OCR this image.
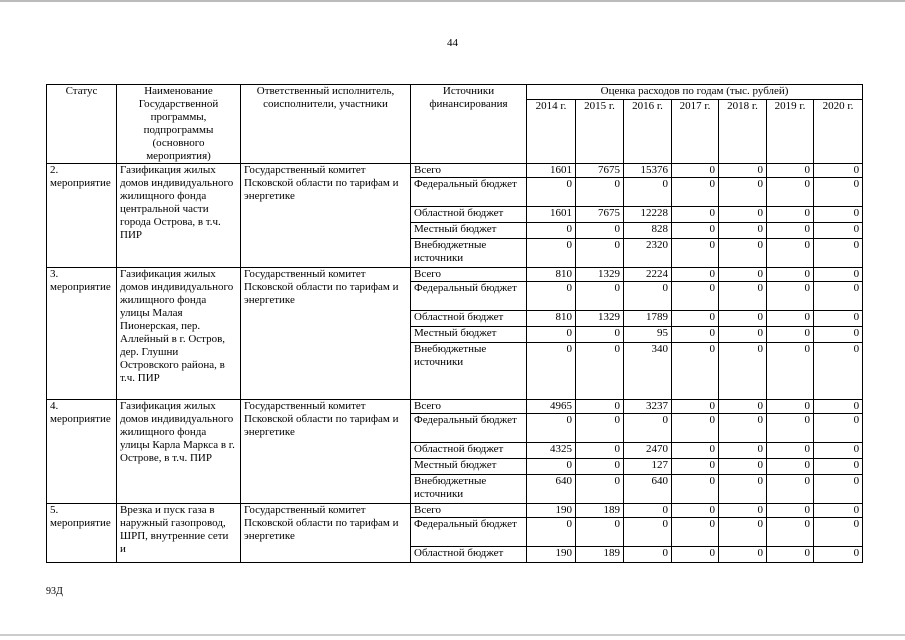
44
Статус	Наименование Государственной программы, подпрограммы (основного мероприятия)	Ответственный исполнитель, соисполнители, участники	Источники финансирования	Оценка расходов по годам (тыс. рублей)						
				2014 г.	2015 г.	2016 г.	2017 г.	2018 г.	2019 г.	2020 г.
2. мероприятие	Газификация жилых домов индивидуального жилищного фонда центральной части города Острова, в т.ч. ПИР	Государственный комитет Псковской области по тарифам и энергетике	Всего	1601	7675	15376	0	0	0	0
			Федеральный бюджет	0	0	0	0	0	0	0
			Областной бюджет	1601	7675	12228	0	0	0	0
			Местный бюджет	0	0	828	0	0	0	0
			Внебюджетные источники	0	0	2320	0	0	0	0
3. мероприятие	Газификация жилых домов индивидуального жилищного фонда улицы Малая Пионерская, пер. Аллейный в г. Остров, дер. Глушни Островского района, в т.ч. ПИР	Государственный комитет Псковской области по тарифам и энергетике	Всего	810	1329	2224	0	0	0	0
			Федеральный бюджет	0	0	0	0	0	0	0
			Областной бюджет	810	1329	1789	0	0	0	0
			Местный бюджет	0	0	95	0	0	0	0
			Внебюджетные источники	0	0	340	0	0	0	0
4. мероприятие	Газификация жилых домов индивидуального жилищного фонда улицы Карла Маркса в г. Острове, в т.ч. ПИР	Государственный комитет Псковской области по тарифам и энергетике	Всего	4965	0	3237	0	0	0	0
			Федеральный бюджет	0	0	0	0	0	0	0
			Областной бюджет	4325	0	2470	0	0	0	0
			Местный бюджет	0	0	127	0	0	0	0
			Внебюджетные источники	640	0	640	0	0	0	0
5. мероприятие	Врезка и пуск газа в наружный газопровод, ШРП, внутренние сети и	Государственный комитет Псковской области по тарифам и энергетике	Всего	190	189	0	0	0	0	0
			Федеральный бюджет	0	0	0	0	0	0	0
			Областной бюджет	190	189	0	0	0	0	0
93Д
